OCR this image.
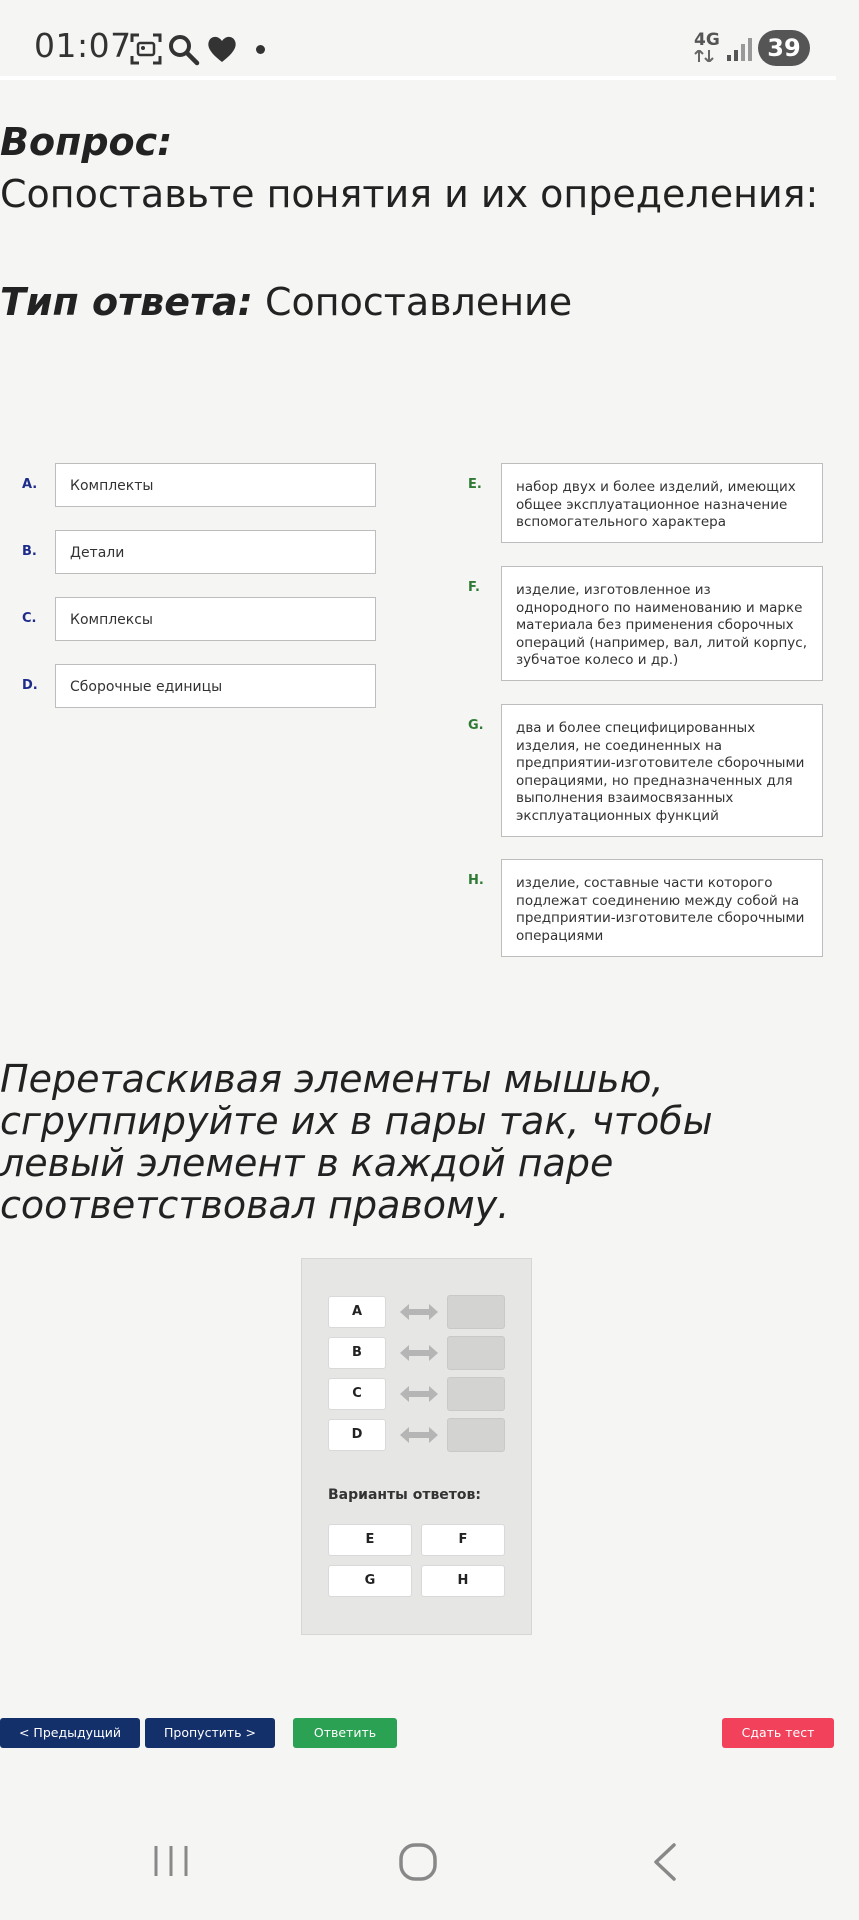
01:07	4G	39
Вопрос:
Сопоставьте понятия и их определения:
Тип ответа: Сопоставление
A.	Комплекты
B.	Детали
C.	Комплексы
D.	Сборочные единицы
E.	набор двух и более изделий, имеющих общее эксплуатационное назначение вспомогательного характера
F.	изделие, изготовленное из однородного по наименованию и марке материала без применения сборочных операций (например, вал, литой корпус, зубчатое колесо и др.)
G.	два и более специфицированных изделия, не соединенных на предприятии-изготовителе сборочными операциями, но предназначенных для выполнения взаимосвязанных эксплуатационных функций
H.	изделие, составные части которого подлежат соединению между собой на предприятии-изготовителе сборочными операциями
Перетаскивая элементы мышью, сгруппируйте их в пары так, чтобы левый элемент в каждой паре соответствовал правому.
A
B
C
D
Варианты ответов:
E	F
G	H
< Предыдущий	Пропустить >	Ответить	Сдать тест
